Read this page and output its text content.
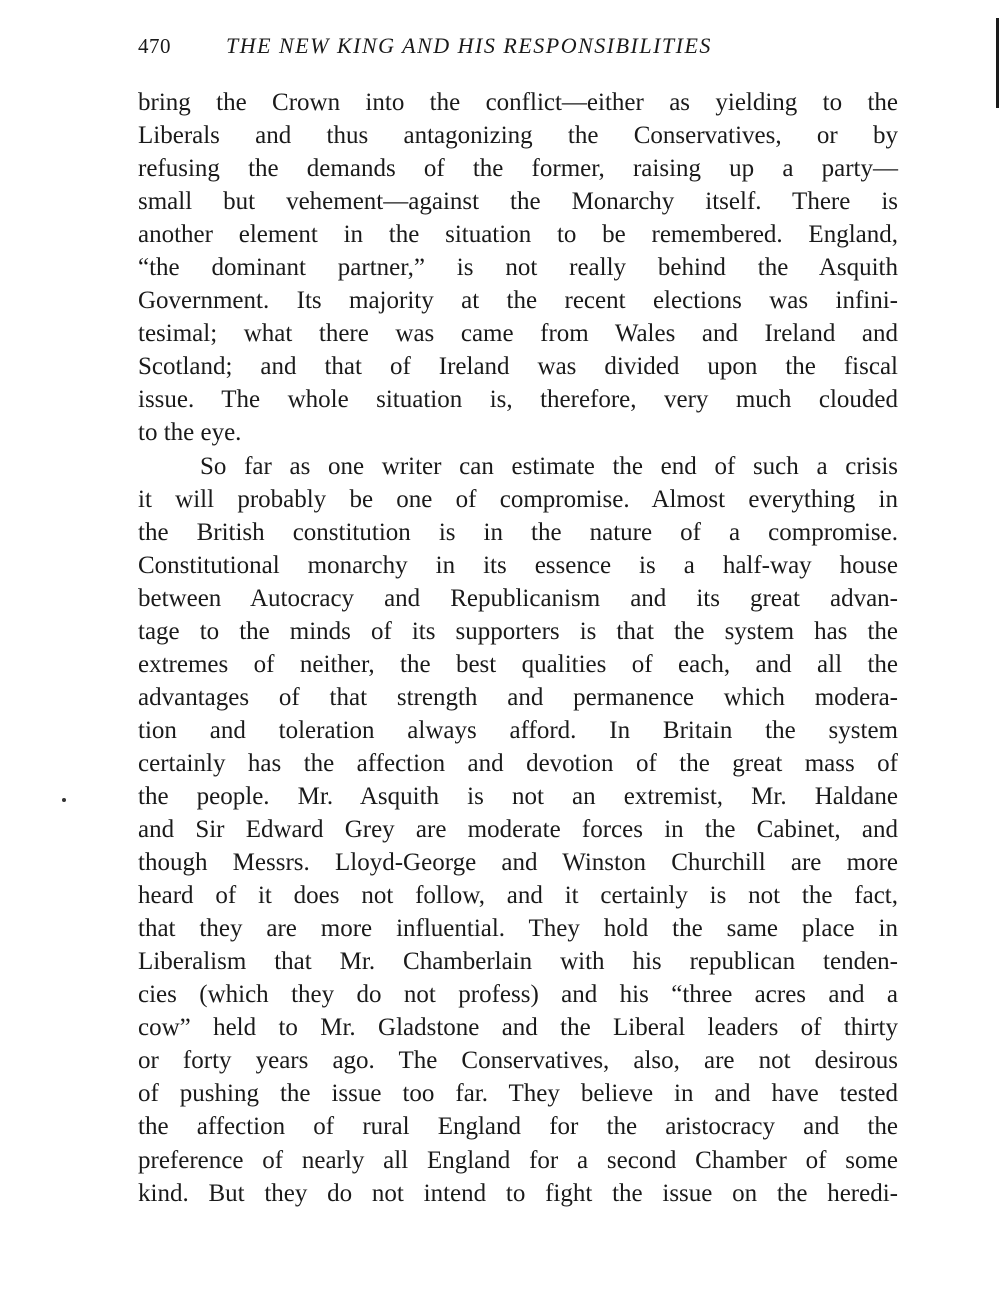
470	THE NEW KING AND HIS RESPONSIBILITIES
bring the Crown into the conflict—either as yielding to the
Liberals and thus antagonizing the Conservatives, or by
refusing the demands of the former, raising up a party—
small but vehement—against the Monarchy itself. There is
another element in the situation to be remembered. England,
“the dominant partner,” is not really behind the Asquith
Government. Its majority at the recent elections was infini-
tesimal; what there was came from Wales and Ireland and
Scotland; and that of Ireland was divided upon the fiscal
issue. The whole situation is, therefore, very much clouded
to the eye.
So far as one writer can estimate the end of such a crisis
it will probably be one of compromise. Almost everything in
the British constitution is in the nature of a compromise.
Constitutional monarchy in its essence is a half-way house
between Autocracy and Republicanism and its great advan-
tage to the minds of its supporters is that the system has the
extremes of neither, the best qualities of each, and all the
advantages of that strength and permanence which modera-
tion and toleration always afford. In Britain the system
certainly has the affection and devotion of the great mass of
the people. Mr. Asquith is not an extremist, Mr. Haldane
and Sir Edward Grey are moderate forces in the Cabinet, and
though Messrs. Lloyd-George and Winston Churchill are more
heard of it does not follow, and it certainly is not the fact,
that they are more influential. They hold the same place in
Liberalism that Mr. Chamberlain with his republican tenden-
cies (which they do not profess) and his “three acres and a
cow” held to Mr. Gladstone and the Liberal leaders of thirty
or forty years ago. The Conservatives, also, are not desirous
of pushing the issue too far. They believe in and have tested
the affection of rural England for the aristocracy and the
preference of nearly all England for a second Chamber of some
kind. But they do not intend to fight the issue on the heredi-
